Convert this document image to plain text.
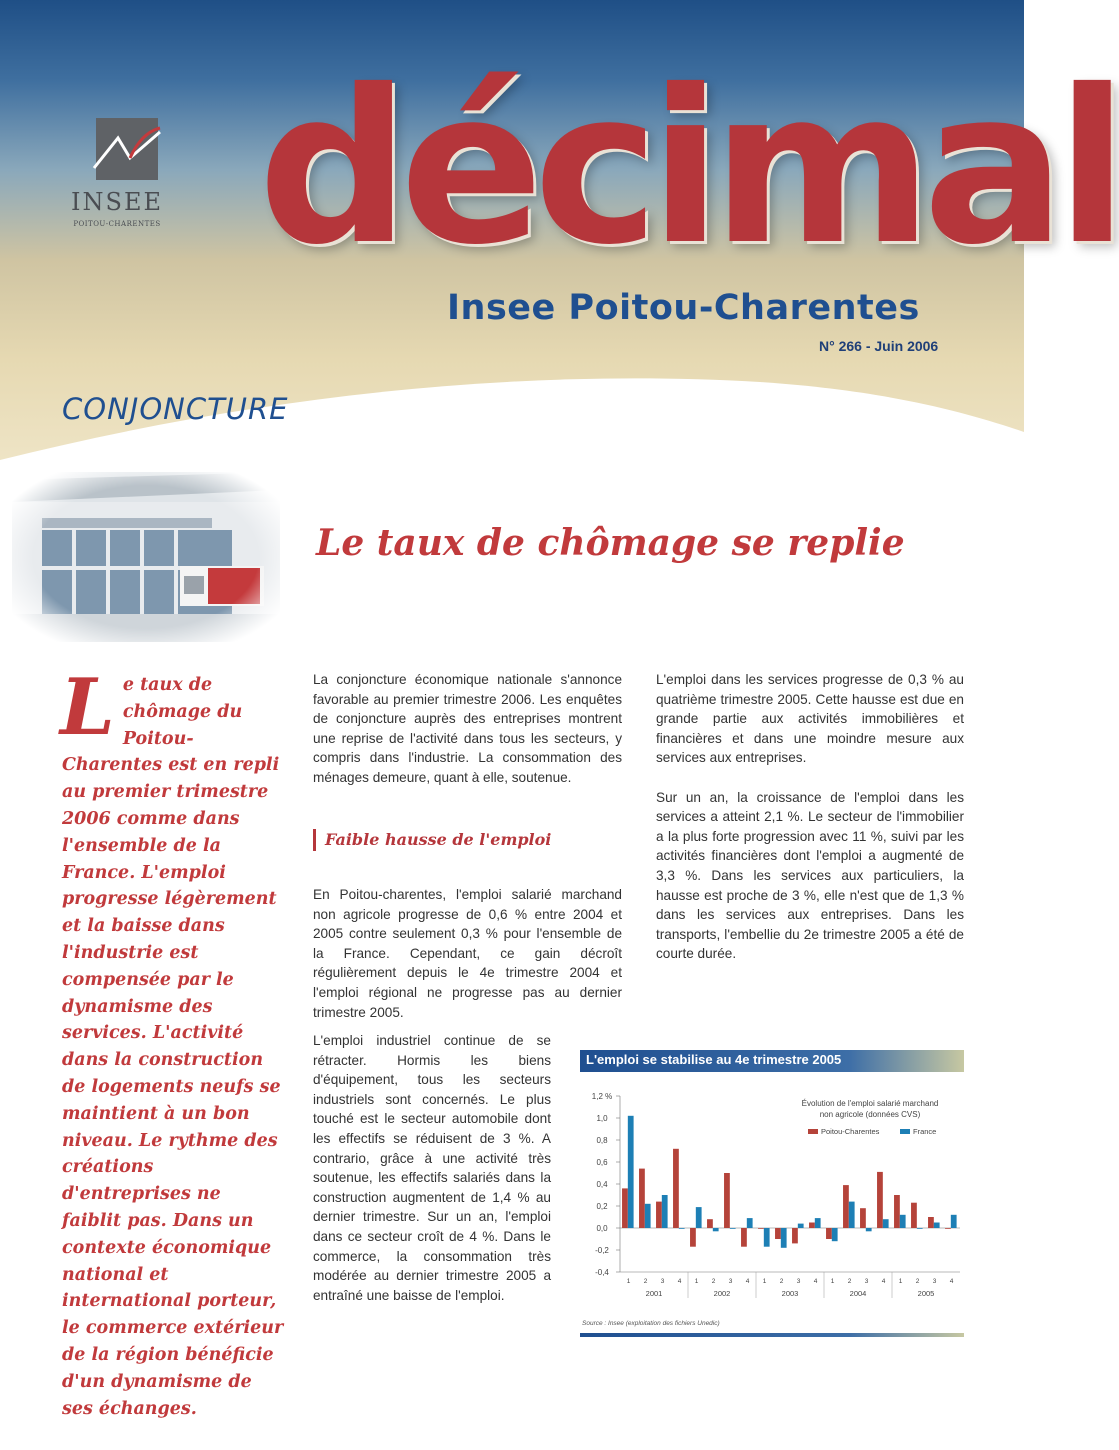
INSEE
POITOU-CHARENTES décimal
Insee Poitou-Charentes
N° 266 - Juin 2006
CONJONCTURE
Le taux de chômage se replie
Le taux de chômage du Poitou-Charentes est en repli au premier trimestre 2006 comme dans l'ensemble de la France. L'emploi progresse légèrement et la baisse dans l'industrie est compensée par le dynamisme des services. L'activité dans la construction de logements neufs se maintient à un bon niveau. Le rythme des créations d'entreprises ne faiblit pas. Dans un contexte économique national et international porteur, le commerce extérieur de la région bénéficie d'un dynamisme de ses échanges.

La conjoncture économique nationale s'annonce favorable au premier trimestre 2006. Les enquêtes de conjoncture auprès des entreprises montrent une reprise de l'activité dans tous les secteurs, y compris dans l'industrie. La consommation des ménages demeure, quant à elle, soutenue.

Faible hausse de l'emploi

En Poitou-charentes, l'emploi salarié marchand non agricole progresse de 0,6 % entre 2004 et 2005 contre seulement 0,3 % pour l'ensemble de la France. Cependant, ce gain décroît régulièrement depuis le 4e trimestre 2004 et l'emploi régional ne progresse pas au dernier trimestre 2005.

L'emploi industriel continue de se rétracter. Hormis les biens d'équipement, tous les secteurs industriels sont concernés. Le plus touché est le secteur automobile dont les effectifs se réduisent de 3 %. A contrario, grâce à une activité très soutenue, les effectifs salariés dans la construction augmentent de 1,4 % au dernier trimestre. Sur un an, l'emploi dans ce secteur croît de 4 %. Dans le commerce, la consommation très modérée au dernier trimestre 2005 a entraîné une baisse de l'emploi.

L'emploi dans les services progresse de 0,3 % au quatrième trimestre 2005. Cette hausse est due en grande partie aux activités immobilières et financières et dans une moindre mesure aux services aux entreprises.

Sur un an, la croissance de l'emploi dans les services a atteint 2,1 %. Le secteur de l'immobilier a la plus forte progression avec 11 %, suivi par les activités financières dont l'emploi a augmenté de 3,3 %. Dans les services aux particuliers, la hausse est proche de 3 %, elle n'est que de 1,3 % dans les services aux entreprises. Dans les transports, l'embellie du 2e trimestre 2005 a été de courte durée.

L'emploi se stabilise au 4e trimestre 2005
1,2 %
1,0
0,8
0,6
0,4
0,2
0,0
-0,2
-0,4
1 2 3 4
2001
1 2 3 4
2002
1 2 3 4
2003
1 2 3 4
2004
1 2 3 4
2005
Évolution de l'emploi salarié marchand
non agricole (données CVS)
Poitou-Charentes	France
Source : Insee (exploitation des fichiers Unedic)
